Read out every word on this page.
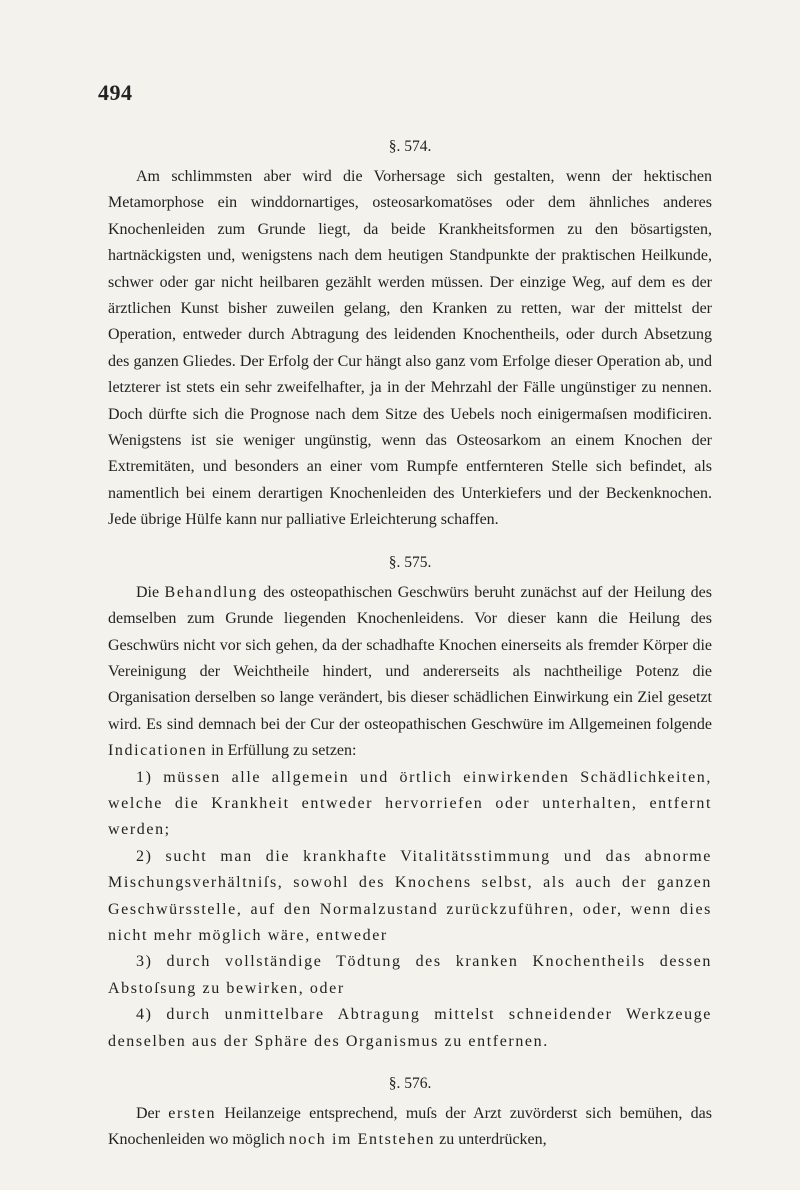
494
§. 574.

Am schlimmsten aber wird die Vorhersage sich gestalten, wenn der hektischen Metamorphose ein winddornartiges, osteosarkomatöses oder dem ähnliches anderes Knochenleiden zum Grunde liegt, da beide Krankheitsformen zu den bösartigsten, hartnäckigsten und, wenigstens nach dem heutigen Standpunkte der praktischen Heilkunde, schwer oder gar nicht heilbaren gezählt werden müssen. Der einzige Weg, auf dem es der ärztlichen Kunst bisher zuweilen gelang, den Kranken zu retten, war der mittelst der Operation, entweder durch Abtragung des leidenden Knochentheils, oder durch Absetzung des ganzen Gliedes. Der Erfolg der Cur hängt also ganz vom Erfolge dieser Operation ab, und letzterer ist stets ein sehr zweifelhafter, ja in der Mehrzahl der Fälle ungünstiger zu nennen. Doch dürfte sich die Prognose nach dem Sitze des Uebels noch einigermaſsen modificiren. Wenigstens ist sie weniger ungünstig, wenn das Osteosarkom an einem Knochen der Extremitäten, und besonders an einer vom Rumpfe entfernteren Stelle sich befindet, als namentlich bei einem derartigen Knochenleiden des Unterkiefers und der Beckenknochen. Jede übrige Hülfe kann nur palliative Erleichterung schaffen.

§. 575.

Die Behandlung des osteopathischen Geschwürs beruht zunächst auf der Heilung des demselben zum Grunde liegenden Knochenleidens. Vor dieser kann die Heilung des Geschwürs nicht vor sich gehen, da der schadhafte Knochen einerseits als fremder Körper die Vereinigung der Weichtheile hindert, und andererseits als nachtheilige Potenz die Organisation derselben so lange verändert, bis dieser schädlichen Einwirkung ein Ziel gesetzt wird. Es sind demnach bei der Cur der osteopathischen Geschwüre im Allgemeinen folgende Indicationen in Erfüllung zu setzen:

1) müssen alle allgemein und örtlich einwirkenden Schädlichkeiten, welche die Krankheit entweder hervorriefen oder unterhalten, entfernt werden;

2) sucht man die krankhafte Vitalitätsstimmung und das abnorme Mischungsverhältniſs, sowohl des Knochens selbst, als auch der ganzen Geschwürsstelle, auf den Normalzustand zurückzuführen, oder, wenn dies nicht mehr möglich wäre, entweder

3) durch vollständige Tödtung des kranken Knochentheils dessen Abstoſsung zu bewirken, oder

4) durch unmittelbare Abtragung mittelst schneidender Werkzeuge denselben aus der Sphäre des Organismus zu entfernen.

§. 576.

Der ersten Heilanzeige entsprechend, muſs der Arzt zuvörderst sich bemühen, das Knochenleiden wo möglich noch im Entstehen zu unterdrücken,
